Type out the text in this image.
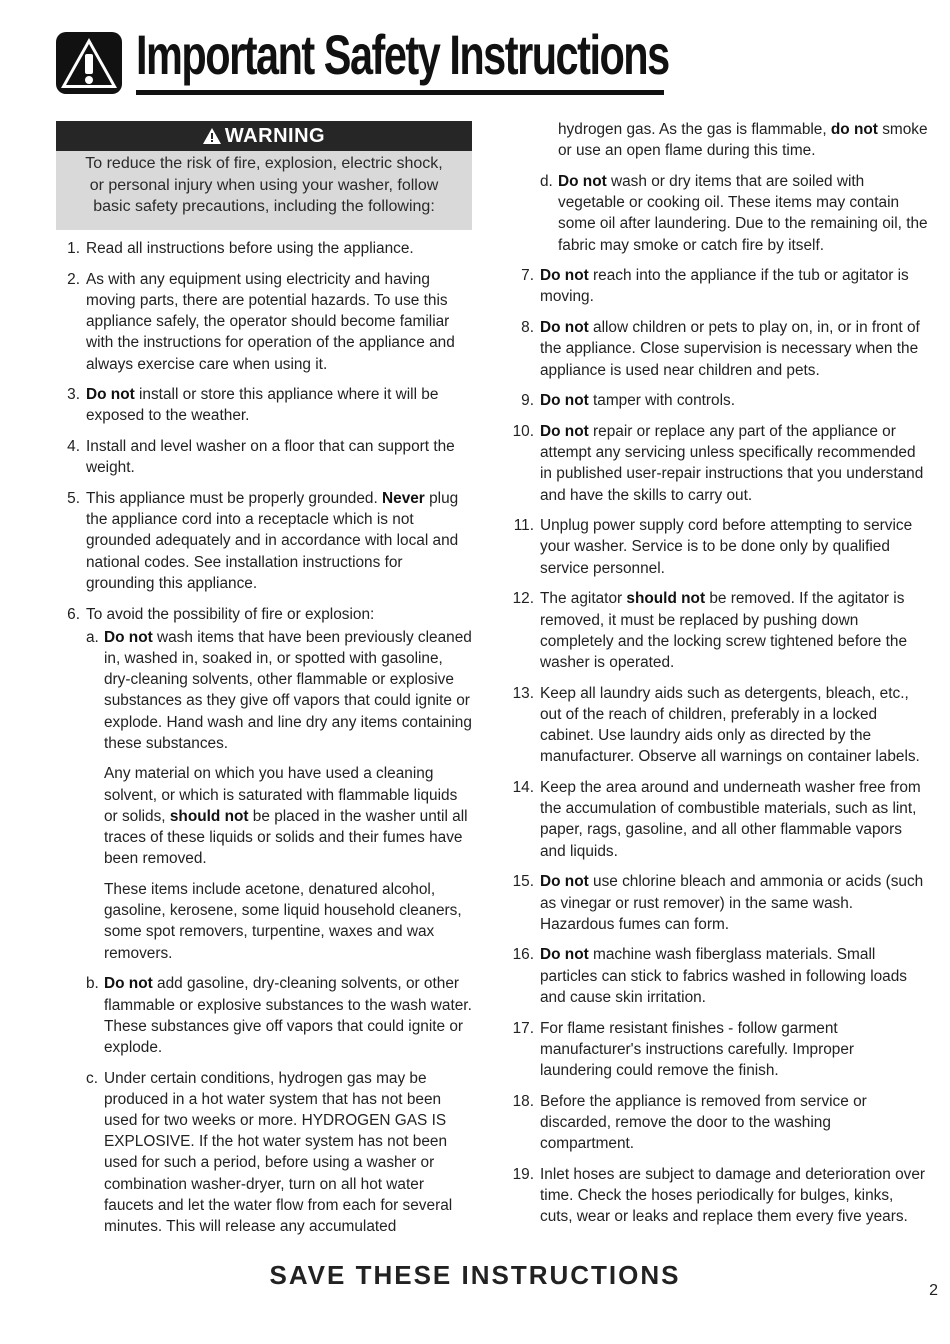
Important Safety Instructions
WARNING
To reduce the risk of fire, explosion, electric shock,
or personal injury when using your washer, follow
basic safety precautions, including the following:
1. Read all instructions before using the appliance.
2. As with any equipment using electricity and having moving parts, there are potential hazards. To use this appliance safely, the operator should become familiar with the instructions for operation of the appliance and always exercise care when using it.
3. Do not install or store this appliance where it will be exposed to the weather.
4. Install and level washer on a floor that can support the weight.
5. This appliance must be properly grounded. Never plug the appliance cord into a receptacle which is not grounded adequately and in accordance with local and national codes. See installation instructions for grounding this appliance.
6. To avoid the possibility of fire or explosion:
a. Do not wash items that have been previously cleaned in, washed in, soaked in, or spotted with gasoline, dry-cleaning solvents, other flammable or explosive substances as they give off vapors that could ignite or explode. Hand wash and line dry any items containing these substances.
Any material on which you have used a cleaning solvent, or which is saturated with flammable liquids or solids, should not be placed in the washer until all traces of these liquids or solids and their fumes have been removed.
These items include acetone, denatured alcohol, gasoline, kerosene, some liquid household cleaners, some spot removers, turpentine, waxes and wax removers.
b. Do not add gasoline, dry-cleaning solvents, or other flammable or explosive substances to the wash water. These substances give off vapors that could ignite or explode.
c. Under certain conditions, hydrogen gas may be produced in a hot water system that has not been used for two weeks or more. HYDROGEN GAS IS EXPLOSIVE. If the hot water system has not been used for such a period, before using a washer or combination washer-dryer, turn on all hot water faucets and let the water flow from each for several minutes. This will release any accumulated
hydrogen gas. As the gas is flammable, do not smoke or use an open flame during this time.
d. Do not wash or dry items that are soiled with vegetable or cooking oil. These items may contain some oil after laundering. Due to the remaining oil, the fabric may smoke or catch fire by itself.
7. Do not reach into the appliance if the tub or agitator is moving.
8. Do not allow children or pets to play on, in, or in front of the appliance. Close supervision is necessary when the appliance is used near children and pets.
9. Do not tamper with controls.
10. Do not repair or replace any part of the appliance or attempt any servicing unless specifically recommended in published user-repair instructions that you understand and have the skills to carry out.
11. Unplug power supply cord before attempting to service your washer. Service is to be done only by qualified service personnel.
12. The agitator should not be removed. If the agitator is removed, it must be replaced by pushing down completely and the locking screw tightened before the washer is operated.
13. Keep all laundry aids such as detergents, bleach, etc., out of the reach of children, preferably in a locked cabinet. Use laundry aids only as directed by the manufacturer. Observe all warnings on container labels.
14. Keep the area around and underneath washer free from the accumulation of combustible materials, such as lint, paper, rags, gasoline, and all other flammable vapors and liquids.
15. Do not use chlorine bleach and ammonia or acids (such as vinegar or rust remover) in the same wash. Hazardous fumes can form.
16. Do not machine wash fiberglass materials. Small particles can stick to fabrics washed in following loads and cause skin irritation.
17. For flame resistant finishes - follow garment manufacturer's instructions carefully. Improper laundering could remove the finish.
18. Before the appliance is removed from service or discarded, remove the door to the washing compartment.
19. Inlet hoses are subject to damage and deterioration over time. Check the hoses periodically for bulges, kinks, cuts, wear or leaks and replace them every five years.
SAVE THESE INSTRUCTIONS
2
